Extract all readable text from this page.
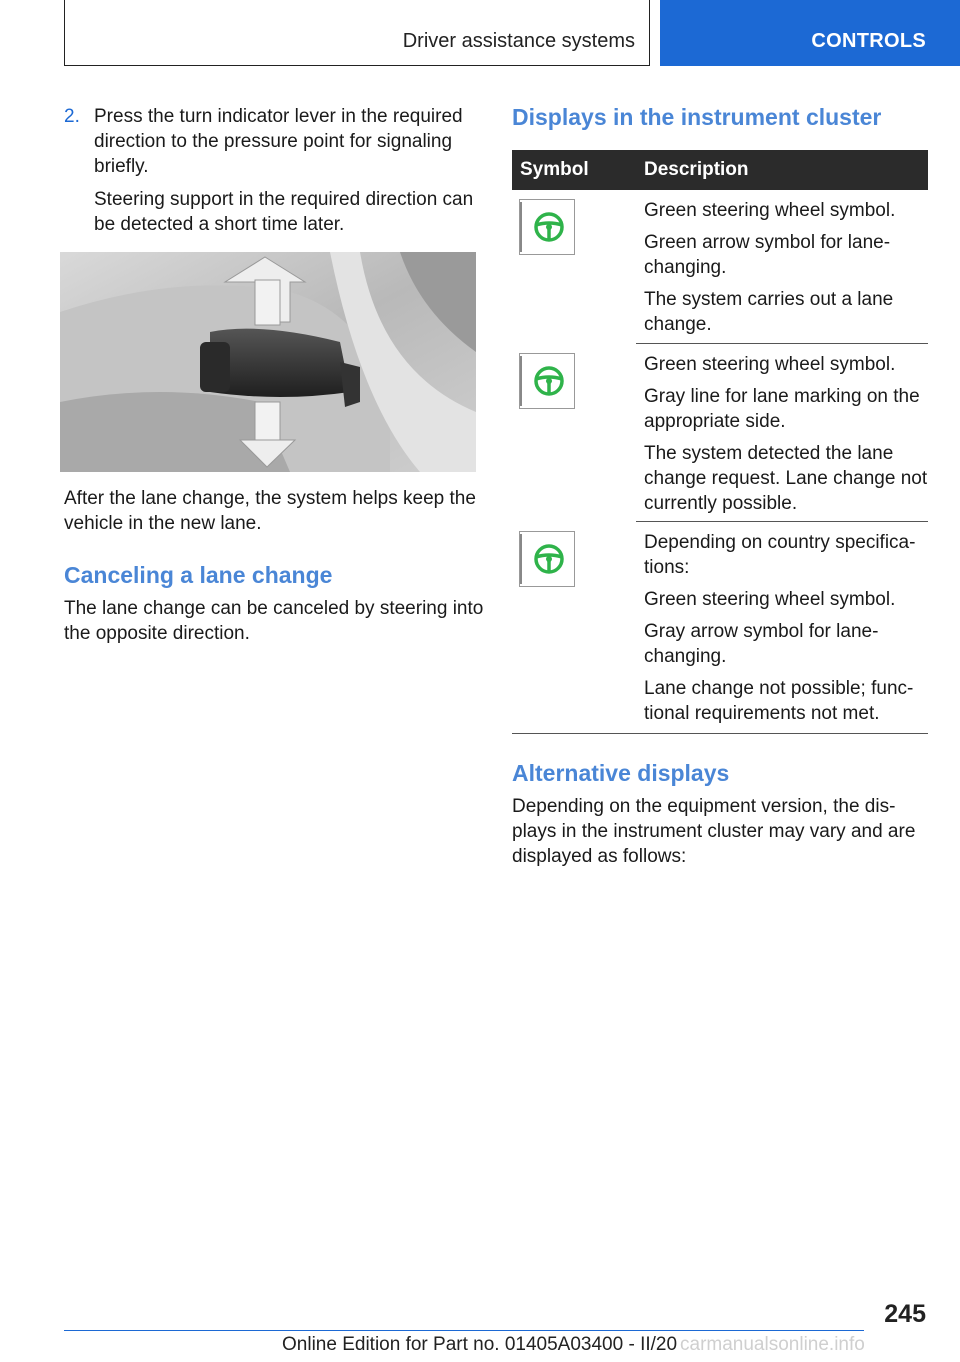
Driver assistance systems	CONTROLS
2. Press the turn indicator lever in the required direction to the pressure point for signaling briefly.

Steering support in the required direction can be detected a short time later.

After the lane change, the system helps keep the vehicle in the new lane.

Canceling a lane change

The lane change can be canceled by steering into the opposite direction.

Displays in the instrument cluster
Symbol	Description

Green steering wheel symbol.

Green arrow symbol for lane-changing.

The system carries out a lane change.

Green steering wheel symbol.

Gray line for lane marking on the appropriate side.

The system detected the lane change request. Lane change not currently possible.

Depending on country specifica-tions:

Green steering wheel symbol.

Gray arrow symbol for lane-changing.

Lane change not possible; func-tional requirements not met.

Alternative displays

Depending on the equipment version, the dis-plays in the instrument cluster may vary and are displayed as follows:

245
Online Edition for Part no. 01405A03400 - II/20 carmanualsonline.info
